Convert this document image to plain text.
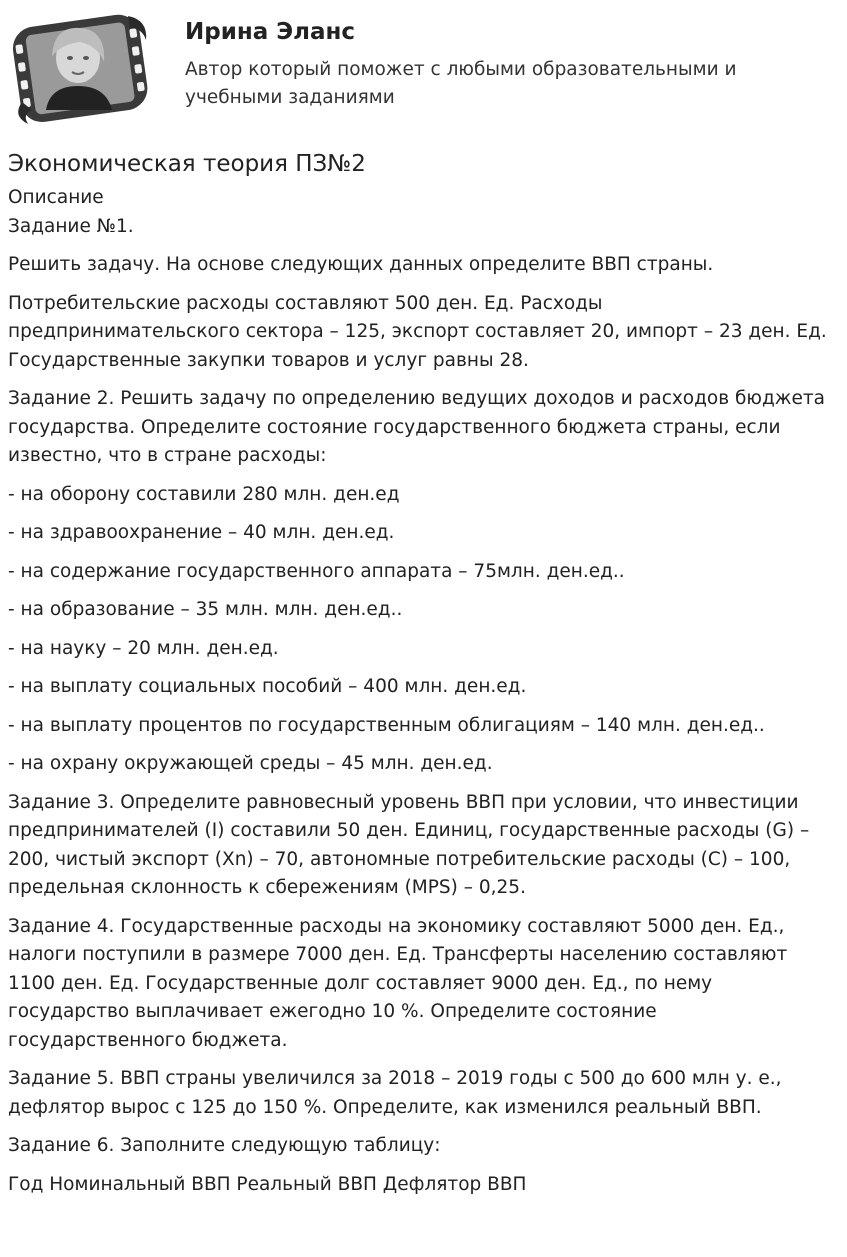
Ирина Эланс

Автор который поможет с любыми образовательными и учебными заданиями

Экономическая теория ПЗ№2

Описание

Задание №1.

Решить задачу. На основе следующих данных определите ВВП страны.

Потребительские расходы составляют 500 ден. Ед. Расходы предпринимательского сектора – 125, экспорт составляет 20, импорт – 23 ден. Ед. Государственные закупки товаров и услуг равны 28.

Задание 2. Решить задачу по определению ведущих доходов и расходов бюджета государства. Определите состояние государственного бюджета страны, если известно, что в стране расходы:

- на оборону составили 280 млн. ден.ед

- на здравоохранение – 40 млн. ден.ед.

- на содержание государственного аппарата – 75млн. ден.ед..

- на образование – 35 млн. млн. ден.ед..

- на науку – 20 млн. ден.ед.

- на выплату социальных пособий – 400 млн. ден.ед.

- на выплату процентов по государственным облигациям – 140 млн. ден.ед..

- на охрану окружающей среды – 45 млн. ден.ед.

Задание 3. Определите равновесный уровень ВВП при условии, что инвестиции предпринимателей (I) составили 50 ден. Единиц, государственные расходы (G) – 200, чистый экспорт (Xn) – 70, автономные потребительские расходы (C) – 100, предельная склонность к сбережениям (MPS) – 0,25.

Задание 4. Государственные расходы на экономику составляют 5000 ден. Ед., налоги поступили в размере 7000 ден. Ед. Трансферты населению составляют 1100 ден. Ед. Государственные долг составляет 9000 ден. Ед., по нему государство выплачивает ежегодно 10 %. Определите состояние государственного бюджета.

Задание 5. ВВП страны увеличился за 2018 – 2019 годы с 500 до 600 млн у. е., дефлятор вырос с 125 до 150 %. Определите, как изменился реальный ВВП.

Задание 6. Заполните следующую таблицу:

Год Номинальный ВВП Реальный ВВП Дефлятор ВВП
